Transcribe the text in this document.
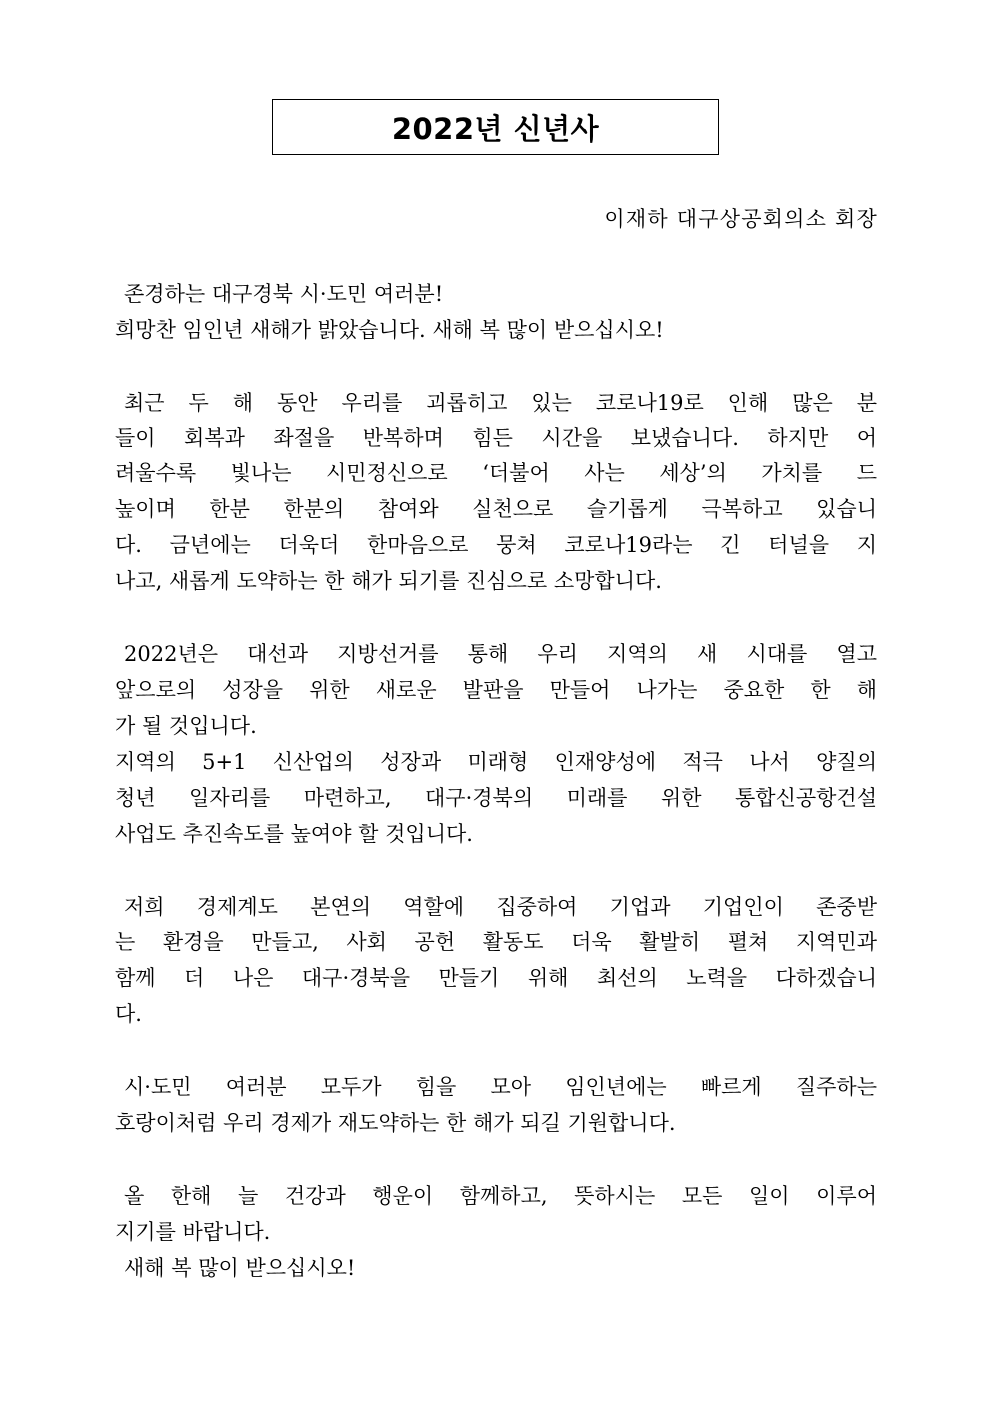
2022년 신년사
이재하 대구상공회의소 회장
존경하는 대구경북 시·도민 여러분!
희망찬 임인년 새해가 밝았습니다. 새해 복 많이 받으십시오!
최근 두 해 동안 우리를 괴롭히고 있는 코로나19로 인해 많은 분
들이 회복과 좌절을 반복하며 힘든 시간을 보냈습니다. 하지만 어
려울수록 빛나는 시민정신으로 ‘더불어 사는 세상’의 가치를 드
높이며 한분 한분의 참여와 실천으로 슬기롭게 극복하고 있습니
다. 금년에는 더욱더 한마음으로 뭉쳐 코로나19라는 긴 터널을 지
나고, 새롭게 도약하는 한 해가 되기를 진심으로 소망합니다.
2022년은 대선과 지방선거를 통해 우리 지역의 새 시대를 열고
앞으로의 성장을 위한 새로운 발판을 만들어 나가는 중요한 한 해
가 될 것입니다.
지역의 5+1 신산업의 성장과 미래형 인재양성에 적극 나서 양질의
청년 일자리를 마련하고, 대구·경북의 미래를 위한 통합신공항건설
사업도 추진속도를 높여야 할 것입니다.
저희 경제계도 본연의 역할에 집중하여 기업과 기업인이 존중받
는 환경을 만들고, 사회 공헌 활동도 더욱 활발히 펼쳐 지역민과
함께 더 나은 대구·경북을 만들기 위해 최선의 노력을 다하겠습니
다.
시·도민 여러분 모두가 힘을 모아 임인년에는 빠르게 질주하는
호랑이처럼 우리 경제가 재도약하는 한 해가 되길 기원합니다.
올 한해 늘 건강과 행운이 함께하고, 뜻하시는 모든 일이 이루어
지기를 바랍니다.
새해 복 많이 받으십시오!
